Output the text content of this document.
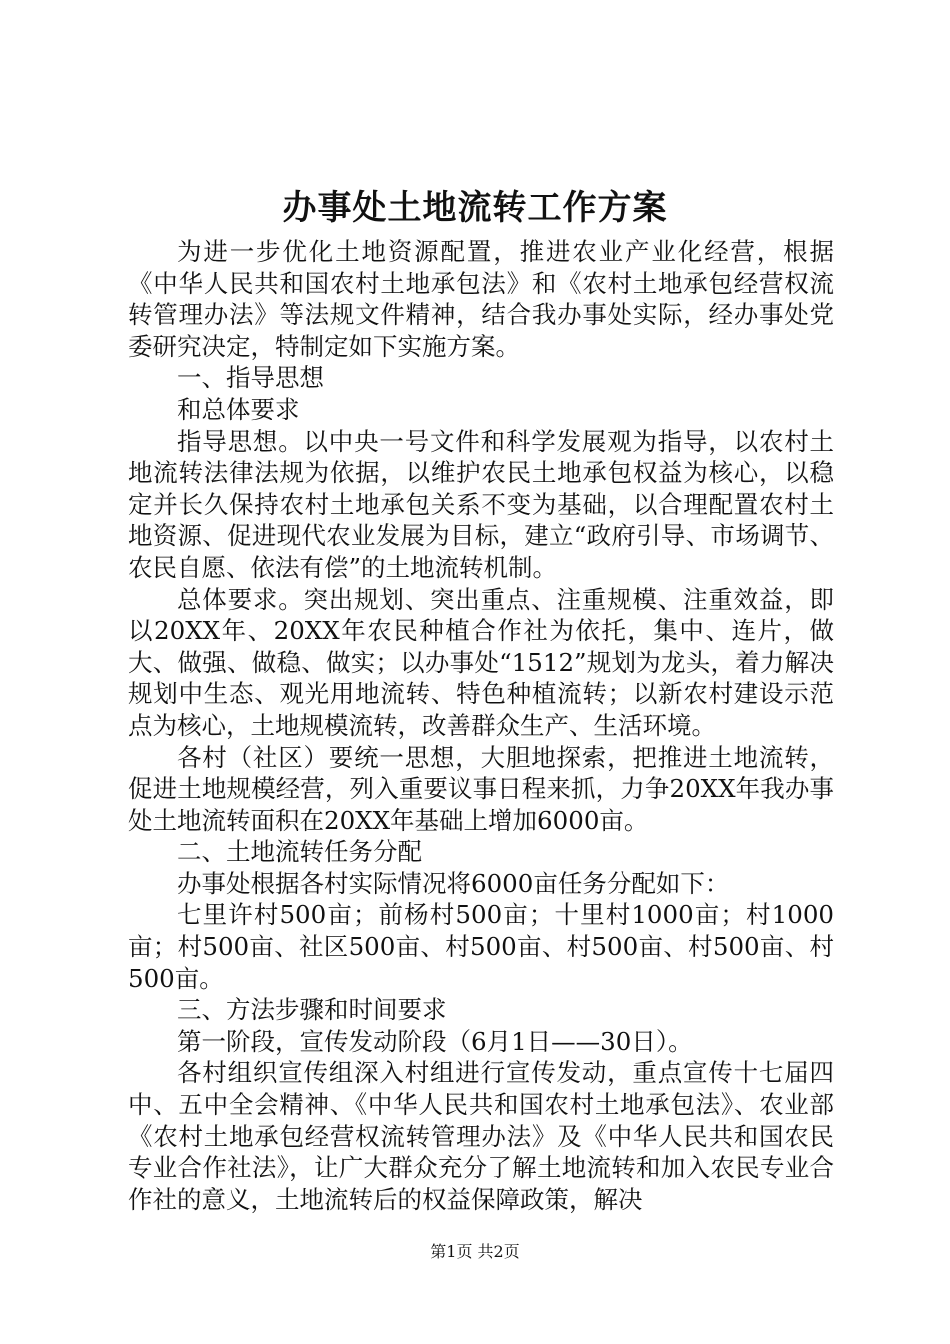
办事处土地流转工作方案

为进一步优化土地资源配置，推进农业产业化经营，根据《中华人民共和国农村土地承包法》和《农村土地承包经营权流转管理办法》等法规文件精神，结合我办事处实际，经办事处党委研究决定，特制定如下实施方案。

一、指导思想

和总体要求

指导思想。以中央一号文件和科学发展观为指导，以农村土地流转法律法规为依据，以维护农民土地承包权益为核心，以稳定并长久保持农村土地承包关系不变为基础，以合理配置农村土地资源、促进现代农业发展为目标，建立“政府引导、市场调节、农民自愿、依法有偿”的土地流转机制。

总体要求。突出规划、突出重点、注重规模、注重效益，即以20XX年、20XX年农民种植合作社为依托，集中、连片，做大、做强、做稳、做实；以办事处“1512”规划为龙头，着力解决规划中生态、观光用地流转、特色种植流转；以新农村建设示范点为核心，土地规模流转，改善群众生产、生活环境。

各村（社区）要统一思想，大胆地探索，把推进土地流转，促进土地规模经营，列入重要议事日程来抓，力争20XX年我办事处土地流转面积在20XX年基础上增加6000亩。

二、土地流转任务分配

办事处根据各村实际情况将6000亩任务分配如下：

七里许村500亩；前杨村500亩；十里村1000亩；村1000亩；村500亩、社区500亩、村500亩、村500亩、村500亩、村500亩。

三、方法步骤和时间要求

第一阶段，宣传发动阶段（6月1日——30日）。

各村组织宣传组深入村组进行宣传发动，重点宣传十七届四中、五中全会精神、《中华人民共和国农村土地承包法》、农业部《农村土地承包经营权流转管理办法》及《中华人民共和国农民专业合作社法》，让广大群众充分了解土地流转和加入农民专业合作社的意义，土地流转后的权益保障政策，解决

第1页 共2页
